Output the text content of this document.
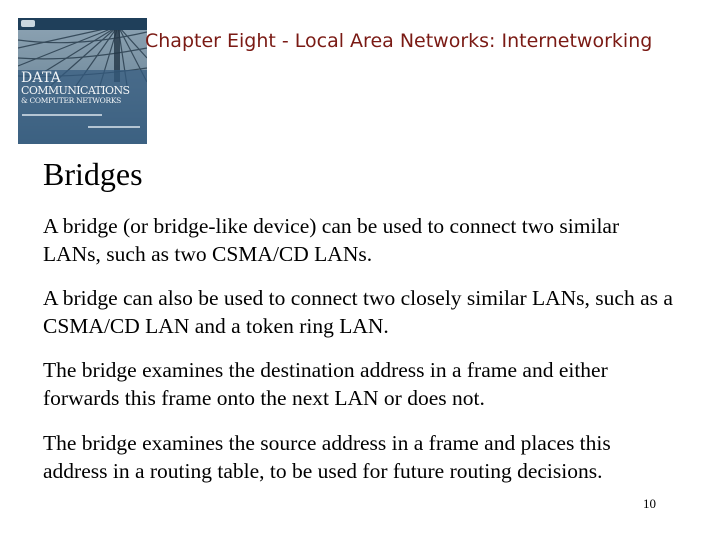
DATA
COMMUNICATIONS
& COMPUTER NETWORKS
Chapter Eight - Local Area Networks: Internetworking
Bridges
A bridge (or bridge-like device) can be used to connect two similar LANs, such as two CSMA/CD LANs.
A bridge can also be used to connect two closely similar LANs, such as a CSMA/CD LAN and a token ring LAN.
The bridge examines the destination address in a frame and either forwards this frame onto the next LAN or does not.
The bridge examines the source address in a frame and places this address in a routing table, to be used for future routing decisions.
10
